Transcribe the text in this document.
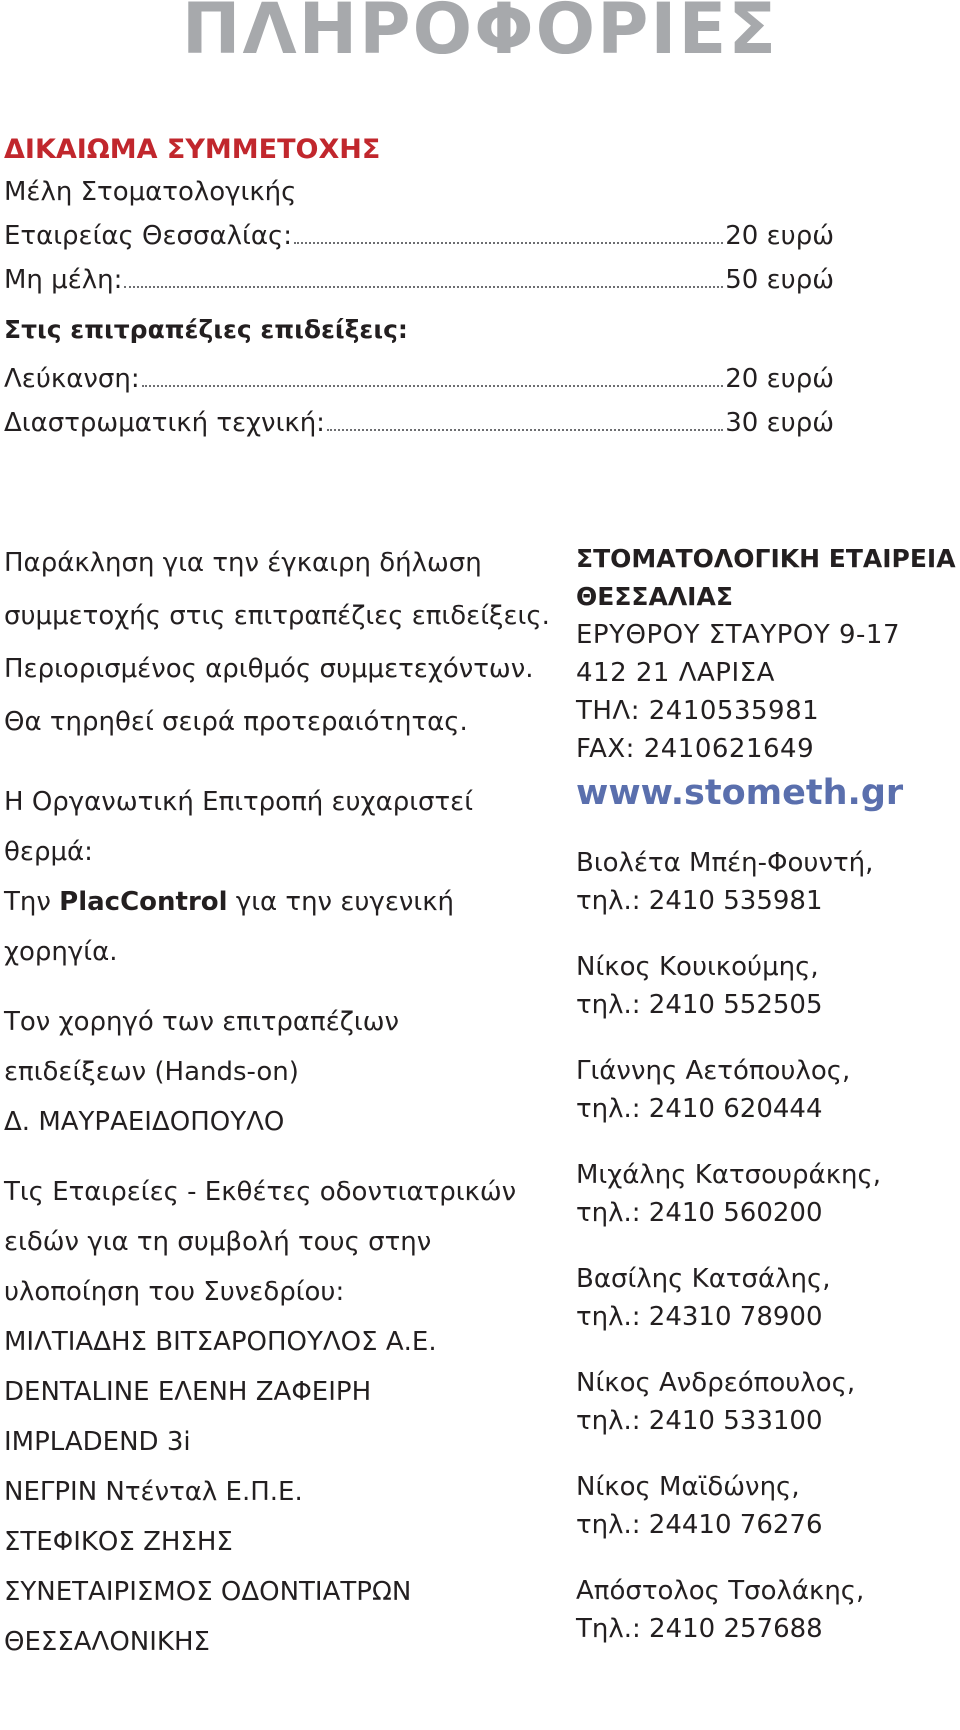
ΠΛΗΡΟΦΟΡΙΕΣ
ΔΙΚΑΙΩΜΑ ΣΥΜΜΕΤΟΧΗΣ
Μέλη Στοματολογικής
Εταιρείας Θεσσαλίας:	20 ευρώ
Μη μέλη:	50 ευρώ
Στις επιτραπέζιες επιδείξεις:
Λεύκανση:	20 ευρώ
Διαστρωματική τεχνική:	30 ευρώ
Παράκληση για την έγκαιρη δήλωση
συμμετοχής στις επιτραπέζιες επιδείξεις.
Περιορισμένος αριθμός συμμετεχόντων.
Θα τηρηθεί σειρά προτεραιότητας.
Η Οργανωτική Επιτροπή ευχαριστεί
θερμά:
Την PlacControl για την ευγενική
χορηγία.
Τον χορηγό των επιτραπέζιων
επιδείξεων (Hands-on)
Δ. ΜΑΥΡΑΕΙΔΟΠΟΥΛΟ
Τις Εταιρείες - Εκθέτες οδοντιατρικών
ειδών για τη συμβολή τους στην
υλοποίηση του Συνεδρίου:
ΜΙΛΤΙΑΔΗΣ ΒΙΤΣΑΡΟΠΟΥΛΟΣ Α.Ε.
DENTALINE ΕΛΕΝΗ ΖΑΦΕΙΡΗ
IMPLADEND 3i
ΝΕΓΡΙΝ Ντένταλ Ε.Π.Ε.
ΣΤΕΦΙΚΟΣ ΖΗΣΗΣ
ΣΥΝΕΤΑΙΡΙΣΜΟΣ ΟΔΟΝΤΙΑΤΡΩΝ
ΘΕΣΣΑΛΟΝΙΚΗΣ
ΣΤΟΜΑΤΟΛΟΓΙΚΗ ΕΤΑΙΡΕΙΑ
ΘΕΣΣΑΛΙΑΣ
ΕΡΥΘΡΟΥ ΣΤΑΥΡΟΥ 9-17
412 21 ΛΑΡΙΣΑ
ΤΗΛ: 2410535981
FAX: 2410621649
www.stometh.gr
Βιολέτα Μπέη-Φουντή,
τηλ.: 2410 535981
Νίκος Κουικούμης,
τηλ.: 2410 552505
Γιάννης Αετόπουλος,
τηλ.: 2410 620444
Μιχάλης Κατσουράκης,
τηλ.: 2410 560200
Βασίλης Κατσάλης,
τηλ.: 24310 78900
Νίκος Ανδρεόπουλος,
τηλ.: 2410 533100
Νίκος Μαϊδώνης,
τηλ.: 24410 76276
Απόστολος Τσολάκης,
Τηλ.: 2410 257688
